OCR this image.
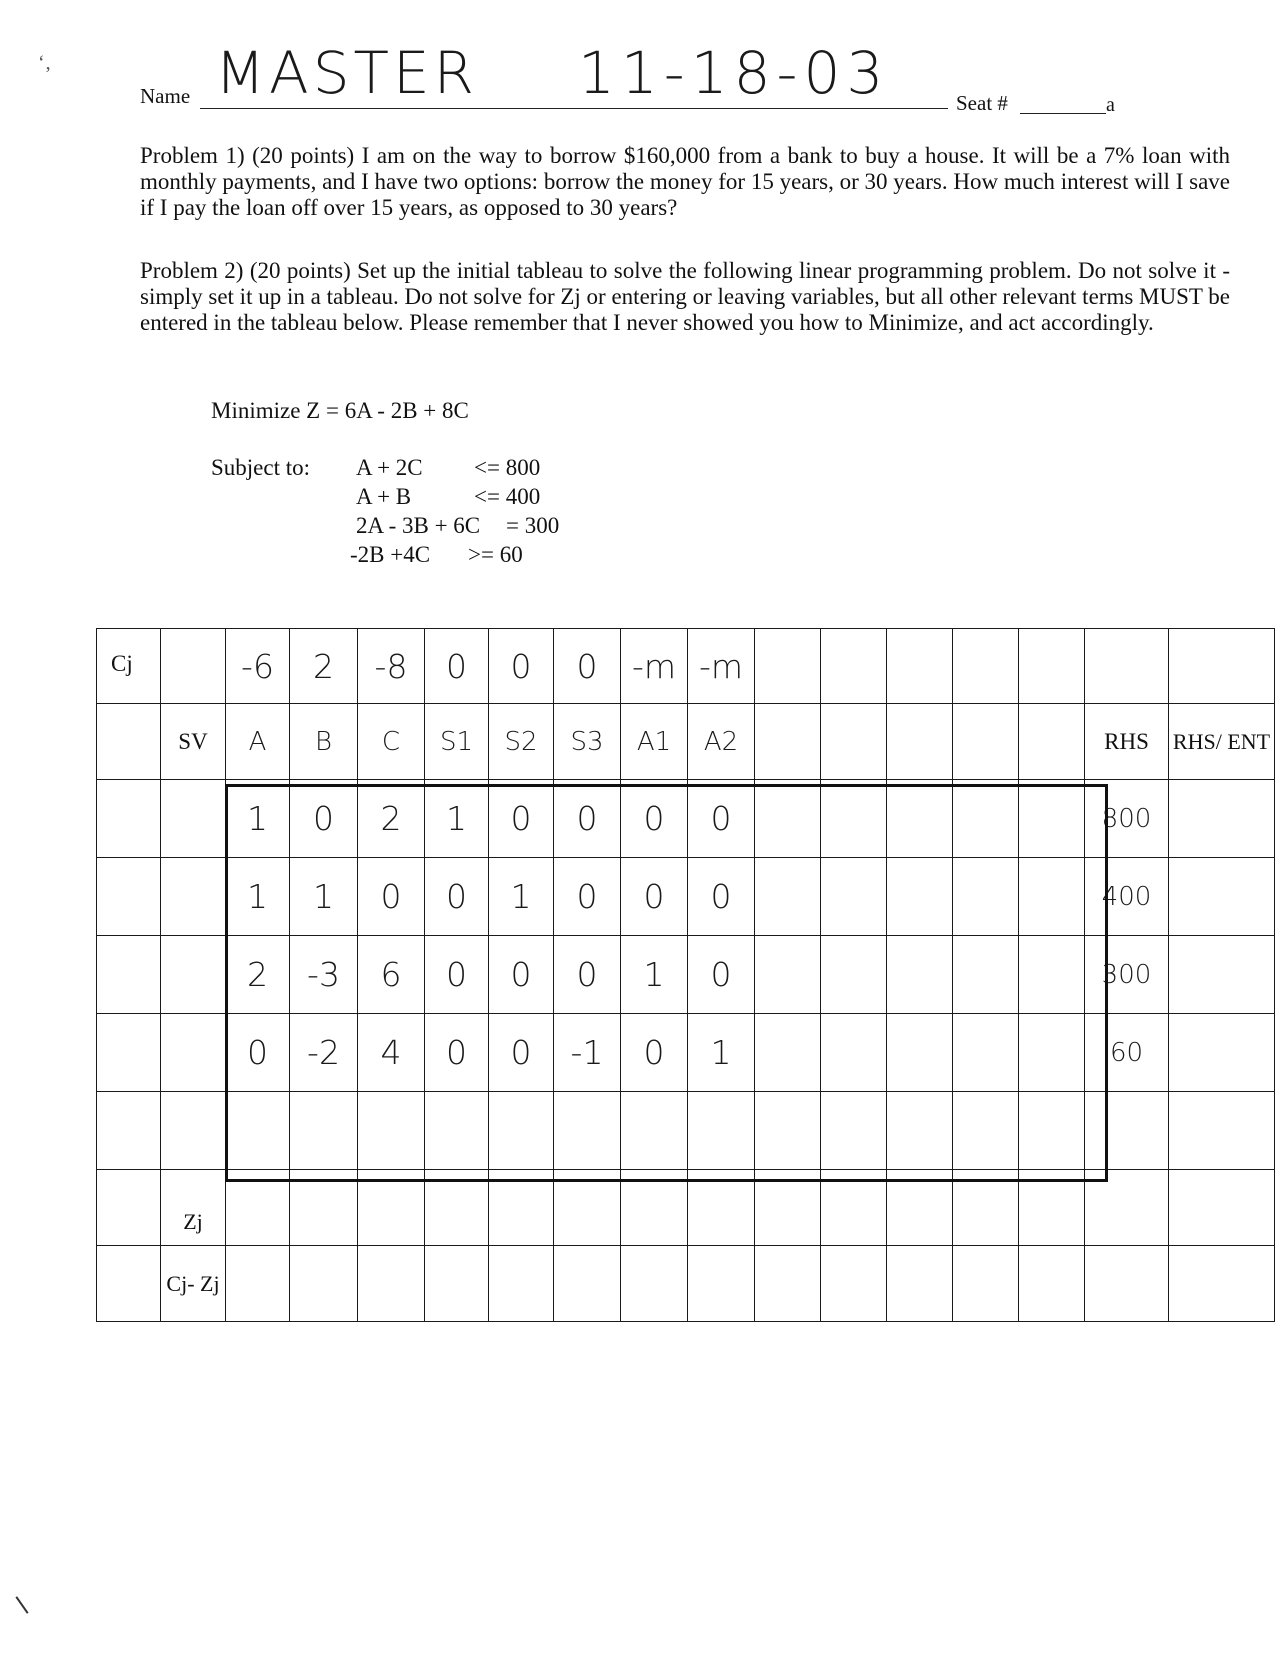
‘‚
Name MASTER 11-18-03	Seat #	a
Problem 1) (20 points) I am on the way to borrow $160,000 from a bank to buy a house. It will be a 7% loan with monthly payments, and I have two options: borrow the money for 15 years, or 30 years. How much interest will I save if I pay the loan off over 15 years, as opposed to 30 years?
Problem 2) (20 points) Set up the initial tableau to solve the following linear programming problem. Do not solve it - simply set it up in a tableau. Do not solve for Zj or entering or leaving variables, but all other relevant terms MUST be entered in the tableau below. Please remember that I never showed you how to Minimize, and act accordingly.
Minimize Z = 6A - 2B + 8C
Subject to: A + 2C <= 800
A + B	<= 400
2A - 3B + 6C = 300
-2B +4C >= 60
Cj		-6	2	-8	0	0	0	-m	-m							
	SV	A	B	C	S1	S2	S3	A1	A2						RHS	RHS/ ENT
		1	0	2	1	0	0	0	0						800	
		1	1	0	0	1	0	0	0						400	
		2	-3	6	0	0	0	1	0						300	
		0	-2	4	0	0	-1	0	1						60	

	Zj															
	Cj- Zj															
